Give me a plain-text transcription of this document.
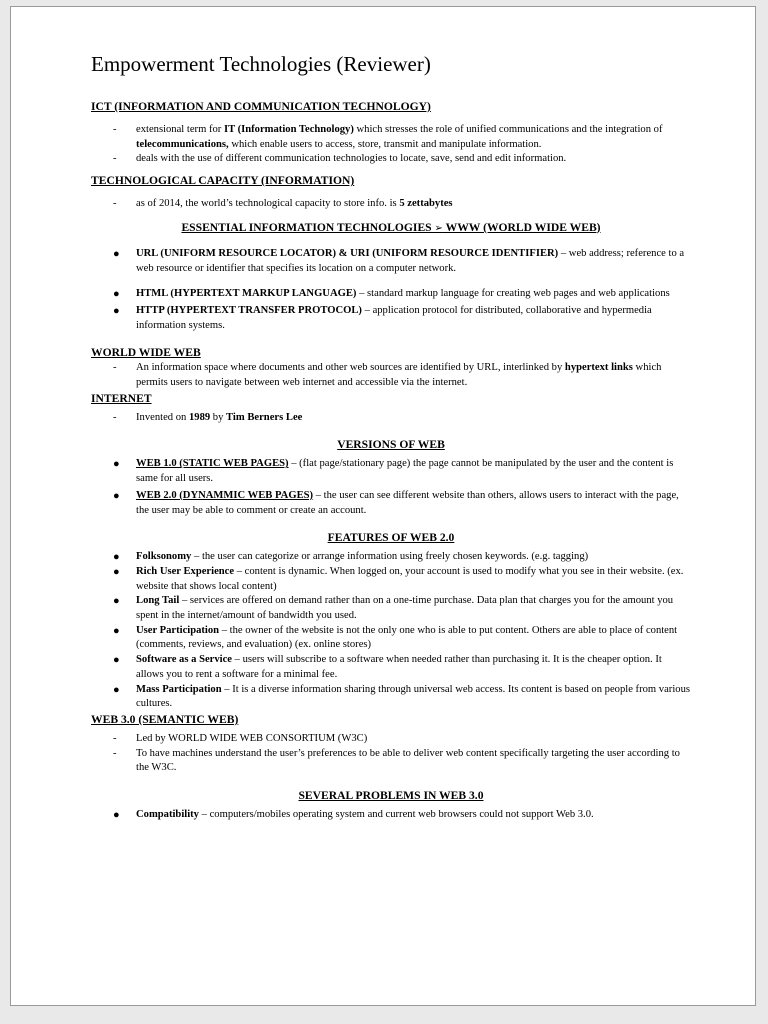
Empowerment Technologies (Reviewer)

ICT (INFORMATION AND COMMUNICATION TECHNOLOGY)

- extensional term for IT (Information Technology) which stresses the role of unified communications and the integration of telecommunications, which enable users to access, store, transmit and manipulate information.
- deals with the use of different communication technologies to locate, save, send and edit information.

TECHNOLOGICAL CAPACITY (INFORMATION)

- as of 2014, the world’s technological capacity to store info. is 5 zettabytes

ESSENTIAL INFORMATION TECHNOLOGIES ➢ WWW (WORLD WIDE WEB)

● URL (UNIFORM RESOURCE LOCATOR) & URI (UNIFORM RESOURCE IDENTIFIER) – web address; reference to a web resource or identifier that specifies its location on a computer network.
● HTML (HYPERTEXT MARKUP LANGUAGE) – standard markup language for creating web pages and web applications
● HTTP (HYPERTEXT TRANSFER PROTOCOL) – application protocol for distributed, collaborative and hypermedia information systems.

WORLD WIDE WEB

- An information space where documents and other web sources are identified by URL, interlinked by hypertext links which permits users to navigate between web internet and accessible via the internet.

INTERNET

- Invented on 1989 by Tim Berners Lee

VERSIONS OF WEB

● WEB 1.0 (STATIC WEB PAGES) – (flat page/stationary page) the page cannot be manipulated by the user and the content is same for all users.
● WEB 2.0 (DYNAMMIC WEB PAGES) – the user can see different website than others, allows users to interact with the page, the user may be able to comment or create an account.

FEATURES OF WEB 2.0

● Folksonomy – the user can categorize or arrange information using freely chosen keywords. (e.g. tagging)
● Rich User Experience – content is dynamic. When logged on, your account is used to modify what you see in their website. (ex. website that shows local content)
● Long Tail – services are offered on demand rather than on a one-time purchase. Data plan that charges you for the amount you spent in the internet/amount of bandwidth you used.
● User Participation – the owner of the website is not the only one who is able to put content. Others are able to place of content (comments, reviews, and evaluation) (ex. online stores)
● Software as a Service – users will subscribe to a software when needed rather than purchasing it. It is the cheaper option. It allows you to rent a software for a minimal fee.
● Mass Participation – It is a diverse information sharing through universal web access. Its content is based on people from various cultures.

WEB 3.0 (SEMANTIC WEB)

- Led by WORLD WIDE WEB CONSORTIUM (W3C)
- To have machines understand the user’s preferences to be able to deliver web content specifically targeting the user according to the W3C.

SEVERAL PROBLEMS IN WEB 3.0

● Compatibility – computers/mobiles operating system and current web browsers could not support Web 3.0.
